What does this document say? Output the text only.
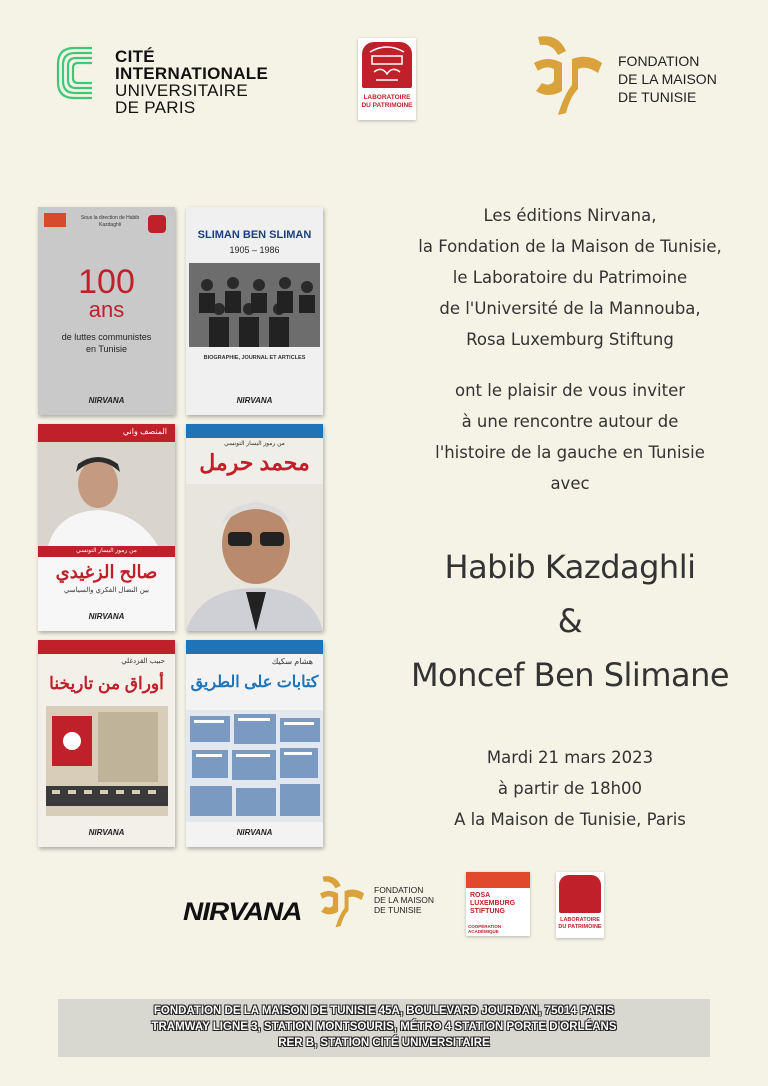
CITÉ
INTERNATIONALE
UNIVERSITAIRE
DE PARIS
LABORATOIRE DU PATRIMOINE
FONDATION
DE LA MAISON
DE TUNISIE
Sous la direction de Habib Kazdaghli
100
ans
de luttes communistes en Tunisie
NIRVANA
SLIMAN BEN SLIMAN
1905 – 1986
BIOGRAPHIE, JOURNAL ET ARTICLES
NIRVANA
المنصف واني
من رموز اليسار التونسي
صالح الزغيدي
بين النضال الفكري والسياسي
NIRVANA
من رموز اليسار التونسي
محمد حرمل
حبيب القزدغلي
أوراق من تاريخنا
NIRVANA
هشام سكيك
كتابات على الطريق
NIRVANA
Les éditions Nirvana,
la Fondation de la Maison de Tunisie,
le Laboratoire du Patrimoine
de l'Université de la Mannouba,
Rosa Luxemburg Stiftung
ont le plaisir de vous inviter
à une rencontre autour de
l'histoire de la gauche en Tunisie
avec
Habib Kazdaghli
&
Moncef Ben Slimane
Mardi 21 mars 2023
à partir de 18h00
A la Maison de Tunisie, Paris
NIRVANA
FONDATION
DE LA MAISON
DE TUNISIE
ROSA
LUXEMBURG
STIFTUNG
COOPÉRATION ACADÉMIQUE
LABORATOIRE DU PATRIMOINE
FONDATION DE LA MAISON DE TUNISIE 45A, BOULEVARD JOURDAN, 75014 PARIS
TRAMWAY LIGNE 3, STATION MONTSOURIS, MÉTRO 4 STATION PORTE D'ORLÉANS
RER B, STATION CITÉ UNIVERSITAIRE
